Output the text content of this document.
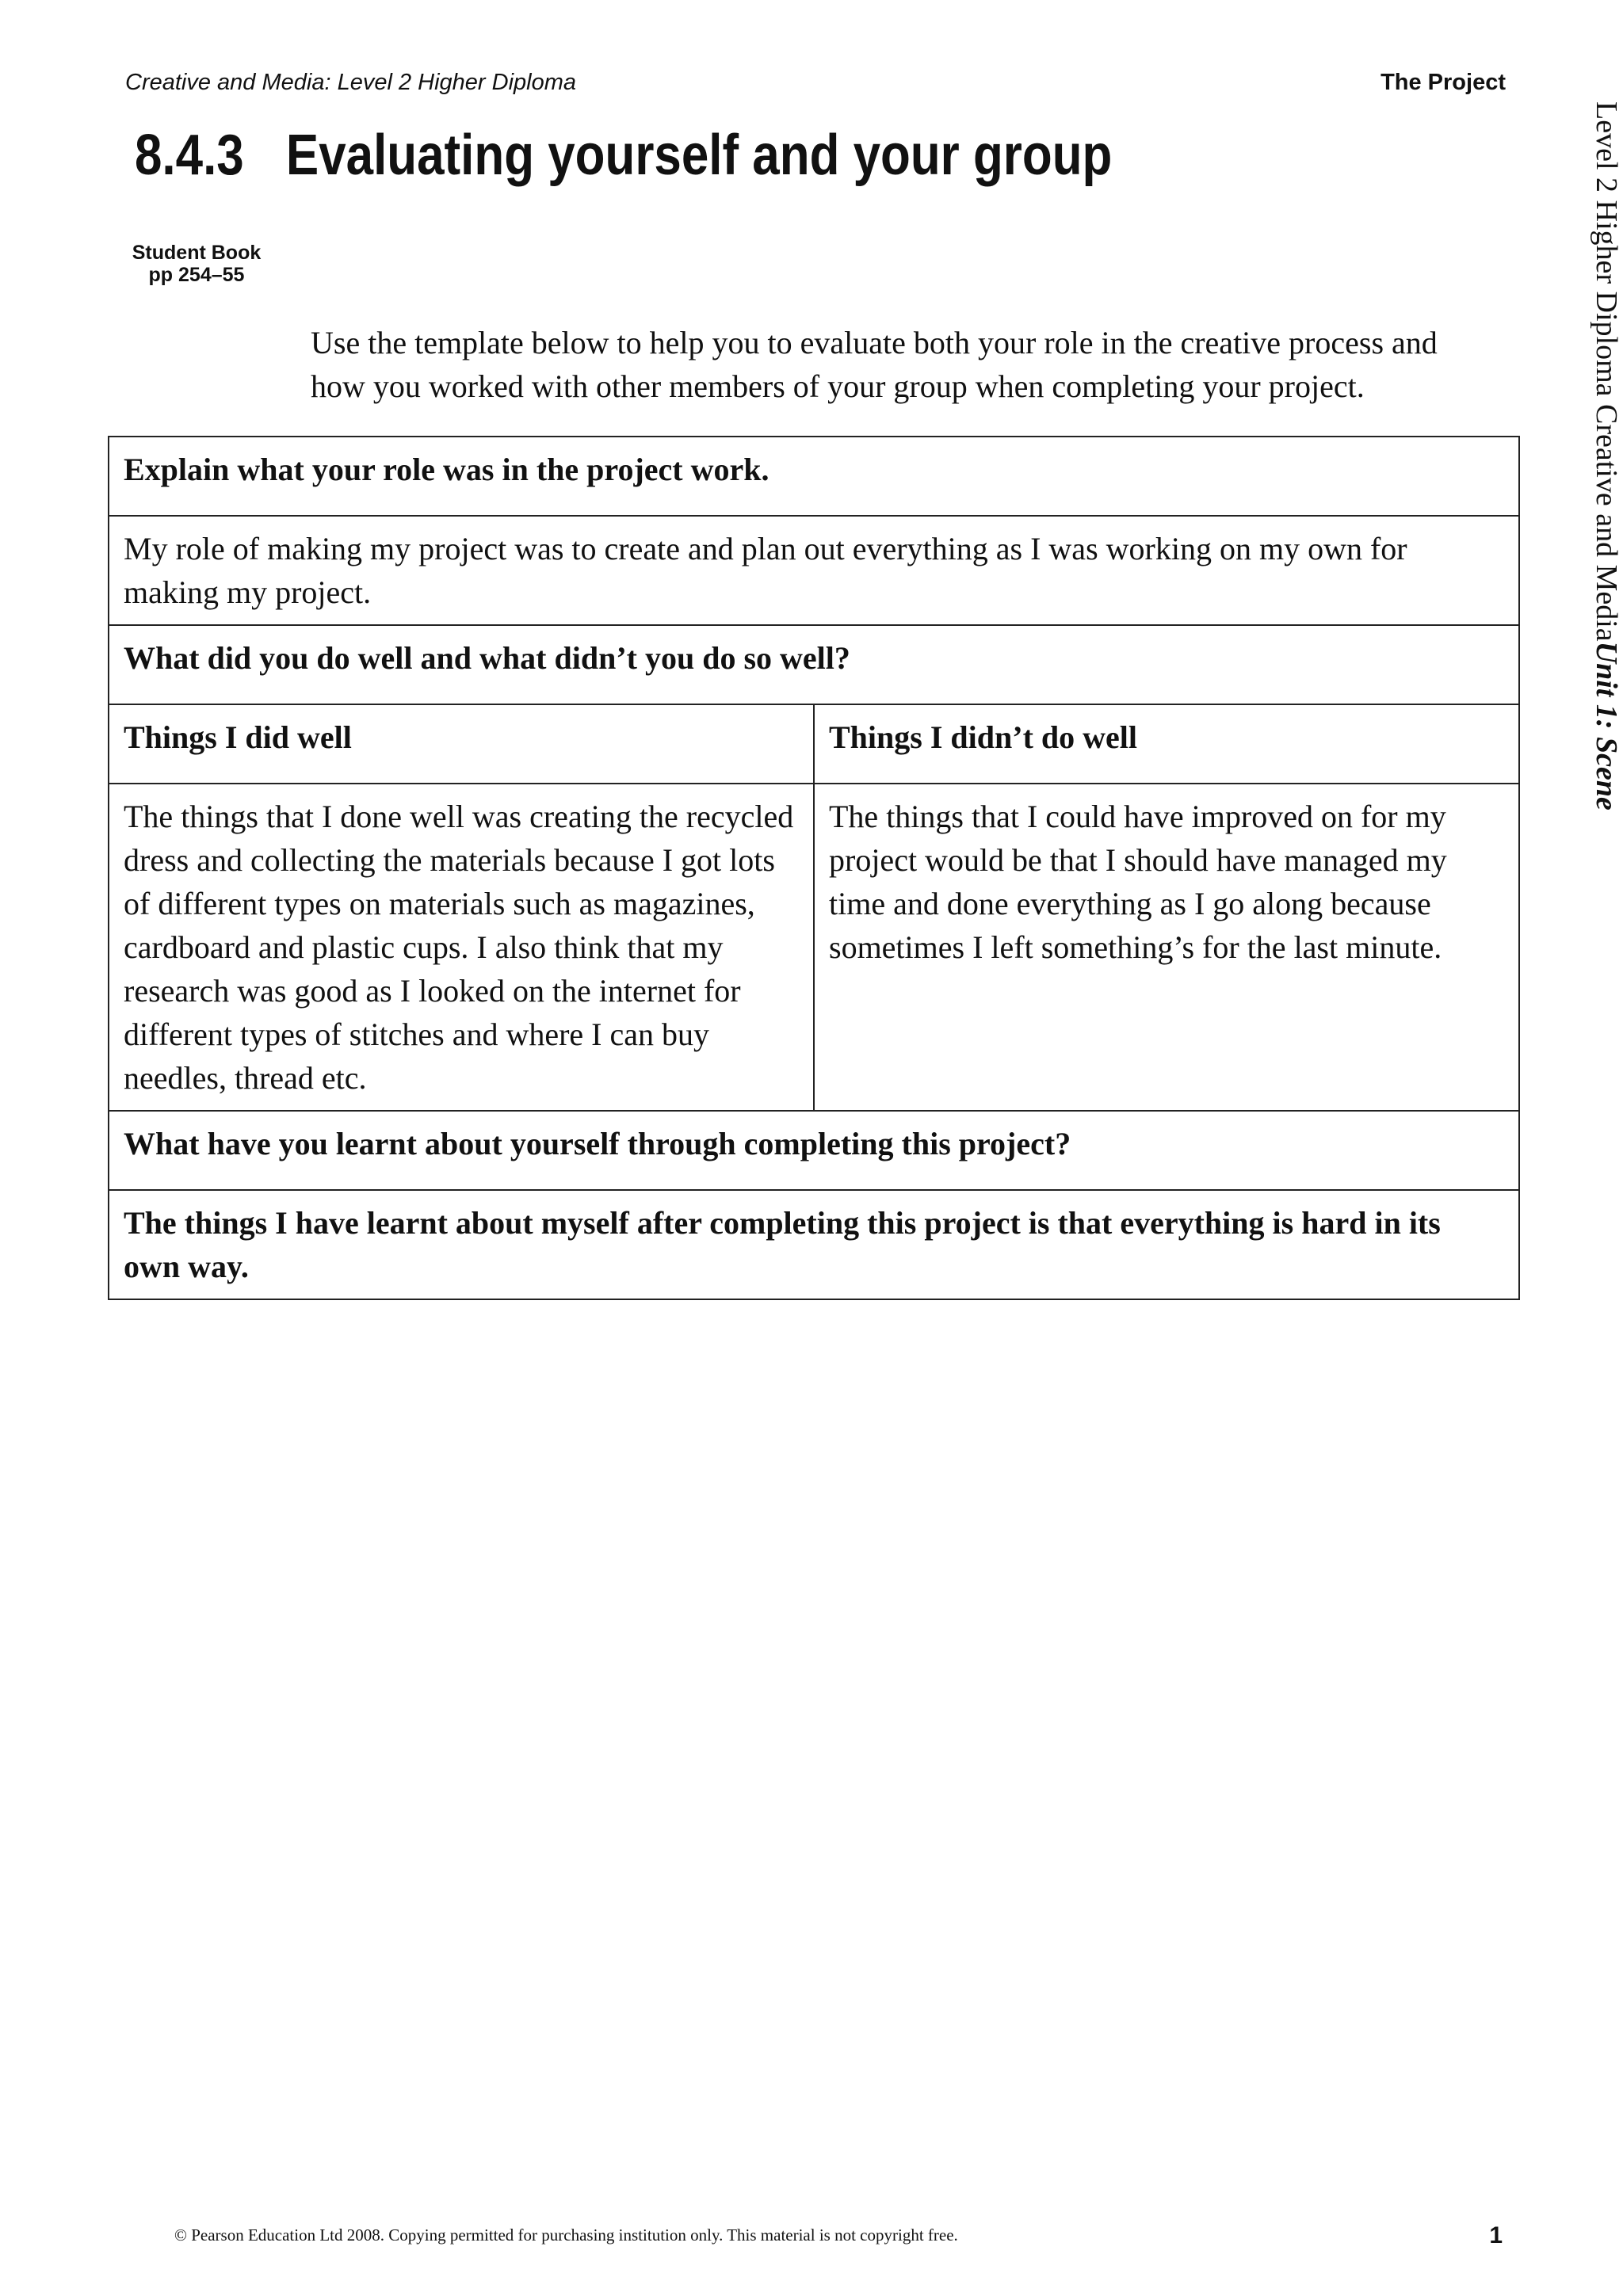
Creative and Media: Level 2 Higher Diploma	The Project
8.4.3 Evaluating yourself and your group
Student Book
pp 254–55
Use the template below to help you to evaluate both your role in the creative process and how you worked with other members of your group when completing your project.	Level 2 Higher Diploma Creative and MediaUnit 1: Scene
Explain what your role was in the project work.	
My role of making my project was to create and plan out everything as I was working on my own for making my project.	
What did you do well and what didn’t you do so well?	
Things I did well	Things I didn’t do well
The things that I done well was creating the recycled dress and collecting the materials because I got lots of different types on materials such as magazines, cardboard and plastic cups. I also think that my research was good as I looked on the internet for different types of stitches and where I can buy needles, thread etc.	The things that I could have improved on for my project would be that I should have managed my time and done everything as I go along because sometimes I left something’s for the last minute.
What have you learnt about yourself through completing this project?	
The things I have learnt about myself after completing this project is that everything is hard in its own way.	
© Pearson Education Ltd 2008. Copying permitted for purchasing institution only. This material is not copyright free.	1
